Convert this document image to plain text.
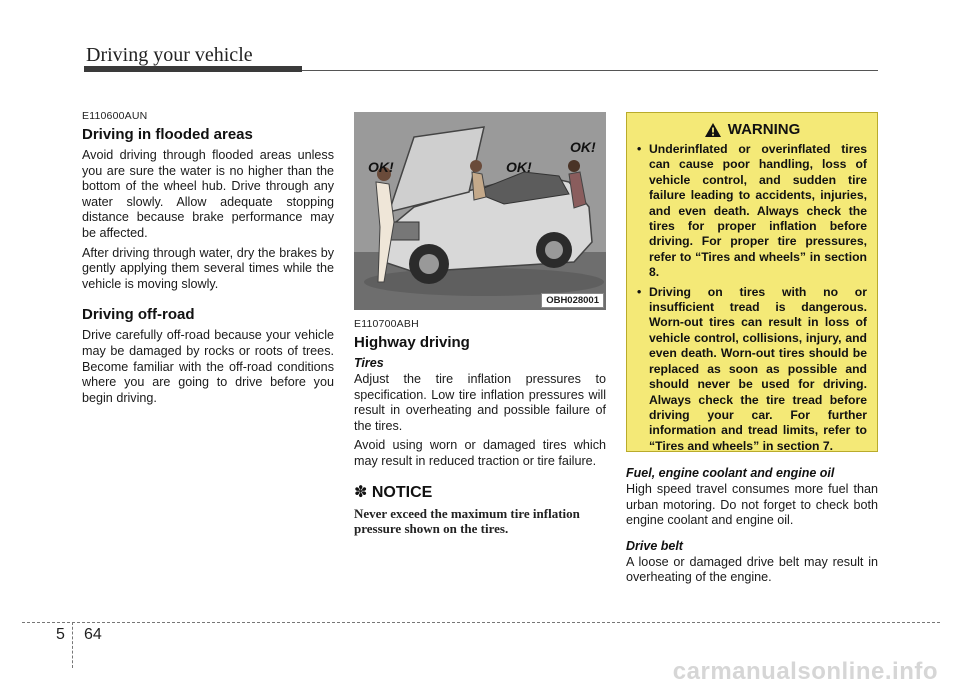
Driving your vehicle
E110600AUN
Driving in flooded areas

Avoid driving through flooded areas unless you are sure the water is no higher than the bottom of the wheel hub. Drive through any water slowly. Allow adequate stopping distance because brake performance may be affected.

After driving through water, dry the brakes by gently applying them several times while the vehicle is moving slowly.

Driving off-road

Drive carefully off-road because your vehicle may be damaged by rocks or roots of trees. Become familiar with the off-road conditions where you are going to drive before you begin driving.

OK!	OK!
OK!
OBH028001
E110700ABH
Highway driving
Tires

Adjust the tire inflation pressures to specification. Low tire inflation pressures will result in overheating and possible failure of the tires.

Avoid using worn or damaged tires which may result in reduced traction or tire failure.

✽ NOTICE
Never exceed the maximum tire inflation pressure shown on the tires.
WARNING
• Underinflated or overinflated tires can cause poor handling, loss of vehicle control, and sudden tire failure leading to accidents, injuries, and even death. Always check the tires for proper inflation before driving. For proper tire pressures, refer to “Tires and wheels” in section 8.
• Driving on tires with no or insufficient tread is dangerous. Worn-out tires can result in loss of vehicle control, collisions, injury, and even death. Worn-out tires should be replaced as soon as possible and should never be used for driving. Always check the tire tread before driving your car. For further information and tread limits, refer to “Tires and wheels” in section 7.
Fuel, engine coolant and engine oil

High speed travel consumes more fuel than urban motoring. Do not forget to check both engine coolant and engine oil.

Drive belt

A loose or damaged drive belt may result in overheating of the engine.

5 64
carmanualsonline.info
